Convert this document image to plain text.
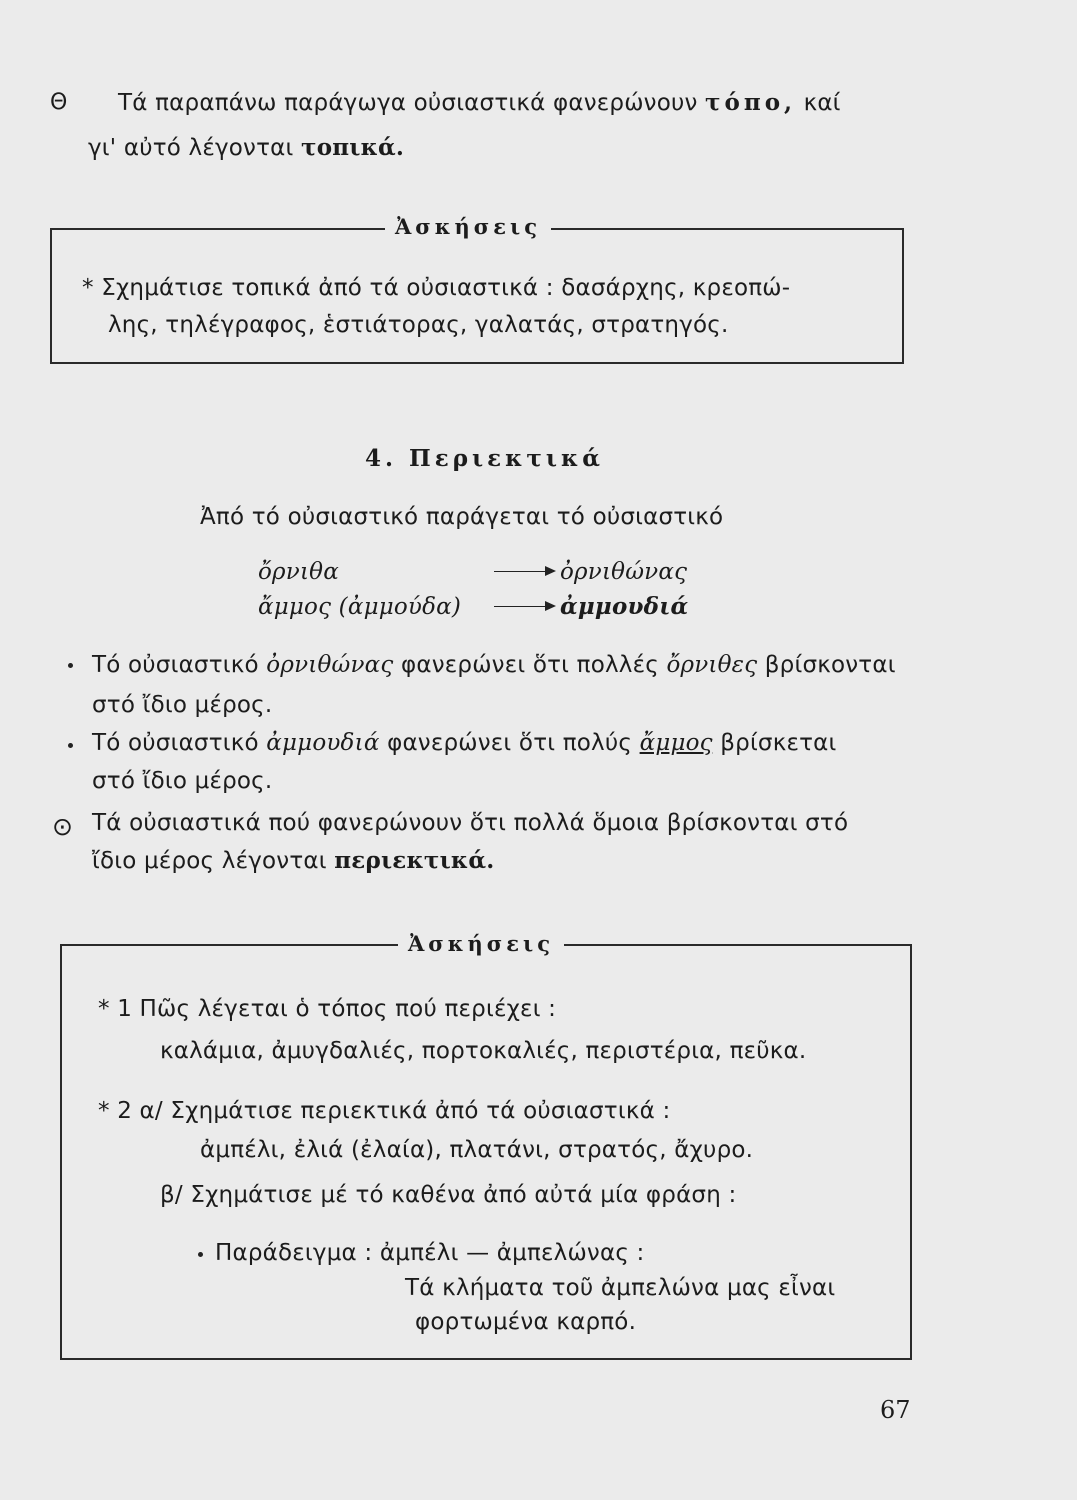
Θ Τά παραπάνω παράγωγα οὐσιαστικά φανερώνουν τόπο, καί
γι' αὐτό λέγονται τοπικά.
Ἀσκήσεις
* Σχημάτισε τοπικά ἀπό τά οὐσιαστικά : δασάρχης, κρεοπώ-
λης, τηλέγραφος, ἑστιάτορας, γαλατάς, στρατηγός.
4. Περιεκτικά
Ἀπό τό οὐσιαστικό παράγεται τό οὐσιαστικό
ὄρνιθα	ὀρνιθώνας
ἄμμος (ἀμμούδα)	ἀμμουδιά
Τό οὐσιαστικό ὀρνιθώνας φανερώνει ὅτι πολλές ὄρνιθες βρίσκονται
στό ἴδιο μέρος.
Τό οὐσιαστικό ἀμμουδιά φανερώνει ὅτι πολύς ἄμμος βρίσκεται
στό ἴδιο μέρος.
⊙ Τά οὐσιαστικά πού φανερώνουν ὅτι πολλά ὅμοια βρίσκονται στό
ἴδιο μέρος λέγονται περιεκτικά.
Ἀσκήσεις
* 1 Πῶς λέγεται ὁ τόπος πού περιέχει :
καλάμια, ἀμυγδαλιές, πορτοκαλιές, περιστέρια, πεῦκα.
* 2 α/ Σχημάτισε περιεκτικά ἀπό τά οὐσιαστικά :
ἀμπέλι, ἐλιά (ἐλαία), πλατάνι, στρατός, ἄχυρο.
β/ Σχημάτισε μέ τό καθένα ἀπό αὐτά μία φράση :
Παράδειγμα : ἀμπέλι — ἀμπελώνας :
Τά κλήματα τοῦ ἀμπελώνα μας εἶναι
φορτωμένα καρπό.
67
